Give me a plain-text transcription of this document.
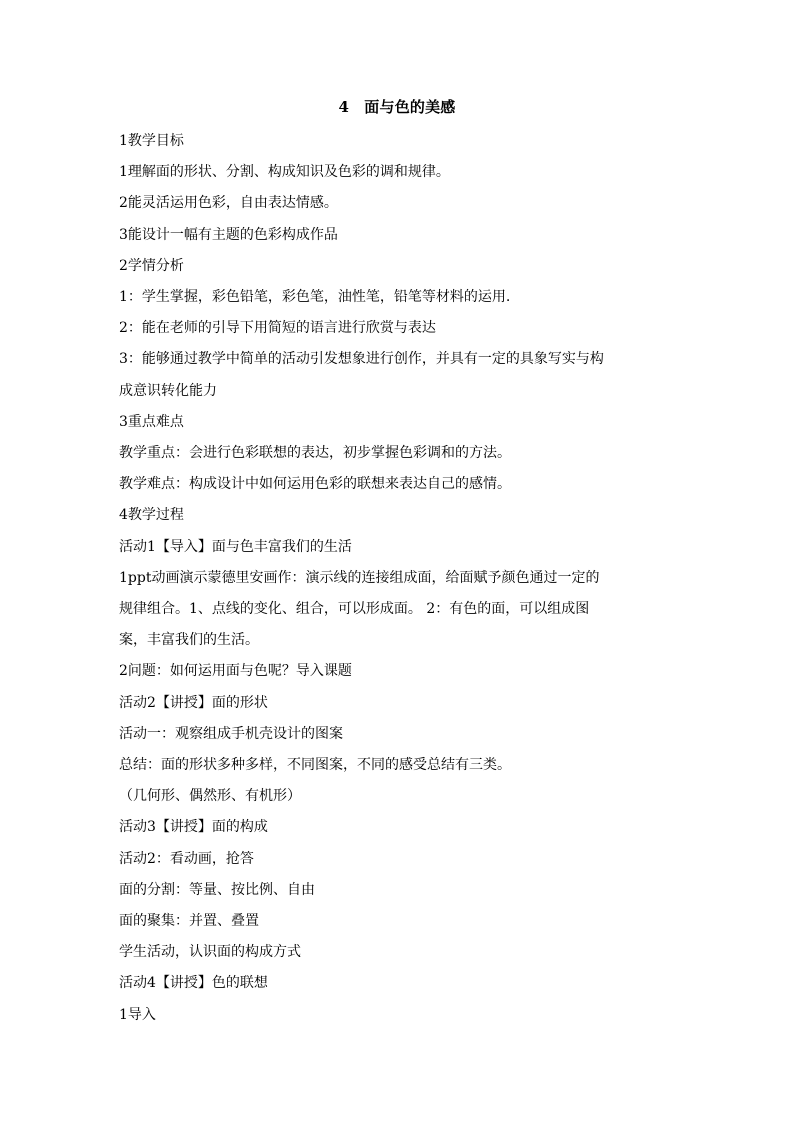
4　面与色的美感
1教学目标
1理解面的形状、分割、构成知识及色彩的调和规律。
2能灵活运用色彩，自由表达情感。
3能设计一幅有主题的色彩构成作品
2学情分析
1：学生掌握，彩色铅笔，彩色笔，油性笔，铅笔等材料的运用.
2：能在老师的引导下用简短的语言进行欣赏与表达
3：能够通过教学中简单的活动引发想象进行创作，并具有一定的具象写实与构
成意识转化能力
3重点难点
教学重点：会进行色彩联想的表达，初步掌握色彩调和的方法。
教学难点：构成设计中如何运用色彩的联想来表达自己的感情。
4教学过程
活动1【导入】面与色丰富我们的生活
1ppt动画演示蒙德里安画作：演示线的连接组成面，给面赋予颜色通过一定的
规律组合。1、点线的变化、组合，可以形成面。 2：有色的面，可以组成图
案，丰富我们的生活。
2问题：如何运用面与色呢？导入课题
活动2【讲授】面的形状
活动一：观察组成手机壳设计的图案
总结：面的形状多种多样，不同图案，不同的感受总结有三类。
（几何形、偶然形、有机形）
活动3【讲授】面的构成
活动2：看动画，抢答
面的分割：等量、按比例、自由
面的聚集：并置、叠置
学生活动，认识面的构成方式
活动4【讲授】色的联想
1导入
